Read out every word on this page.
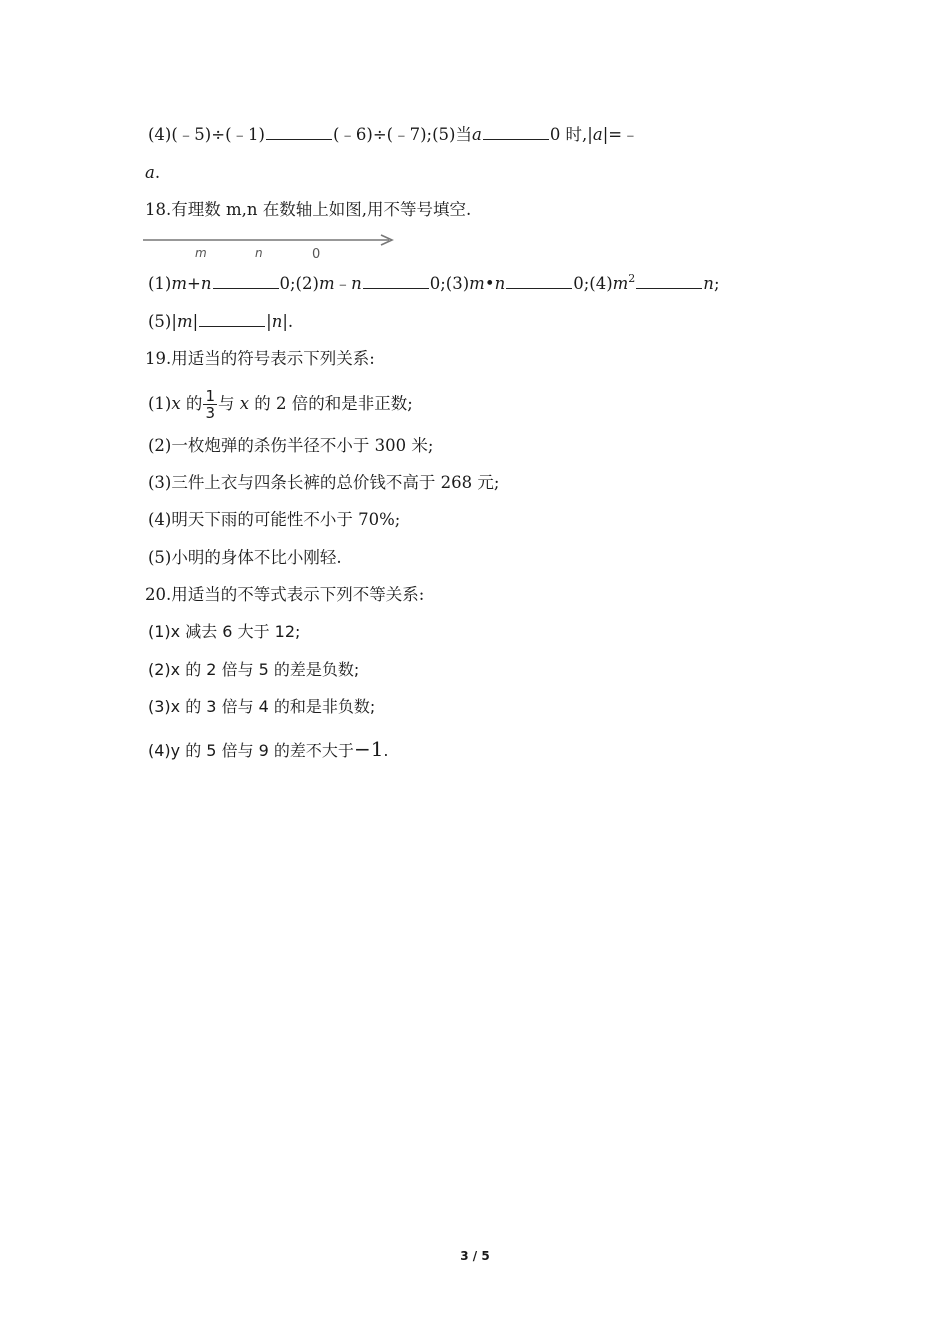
(4)(﹣5)÷(﹣1)	(﹣6)÷(﹣7);(5)当a	0 时,|a|=﹣
a.
18.有理数 m,n 在数轴上如图,用不等号填空.
m	n	0
(1)m+n	0;(2)m﹣n	0;(3)m•n	$0;(4)m^2$	n;
(5)|m|	|n|.
19.用适当的符号表示下列关系:
(1)x 的 $\frac{1}{3}$ 与 x 的 2 倍的和是非正数;
(2)一枚炮弹的杀伤半径不小于 300 米;
(3)三件上衣与四条长裤的总价钱不高于 268 元;
(4)明天下雨的可能性不小于 70%;
(5)小明的身体不比小刚轻.
20.用适当的不等式表示下列不等关系:
(1)x 减去 6 大于 12;
(2)x 的 2 倍与 5 的差是负数;
(3)x 的 3 倍与 4 的和是非负数;
(4)y 的 5 倍与 9 的差不大于−1.
3 / 5
